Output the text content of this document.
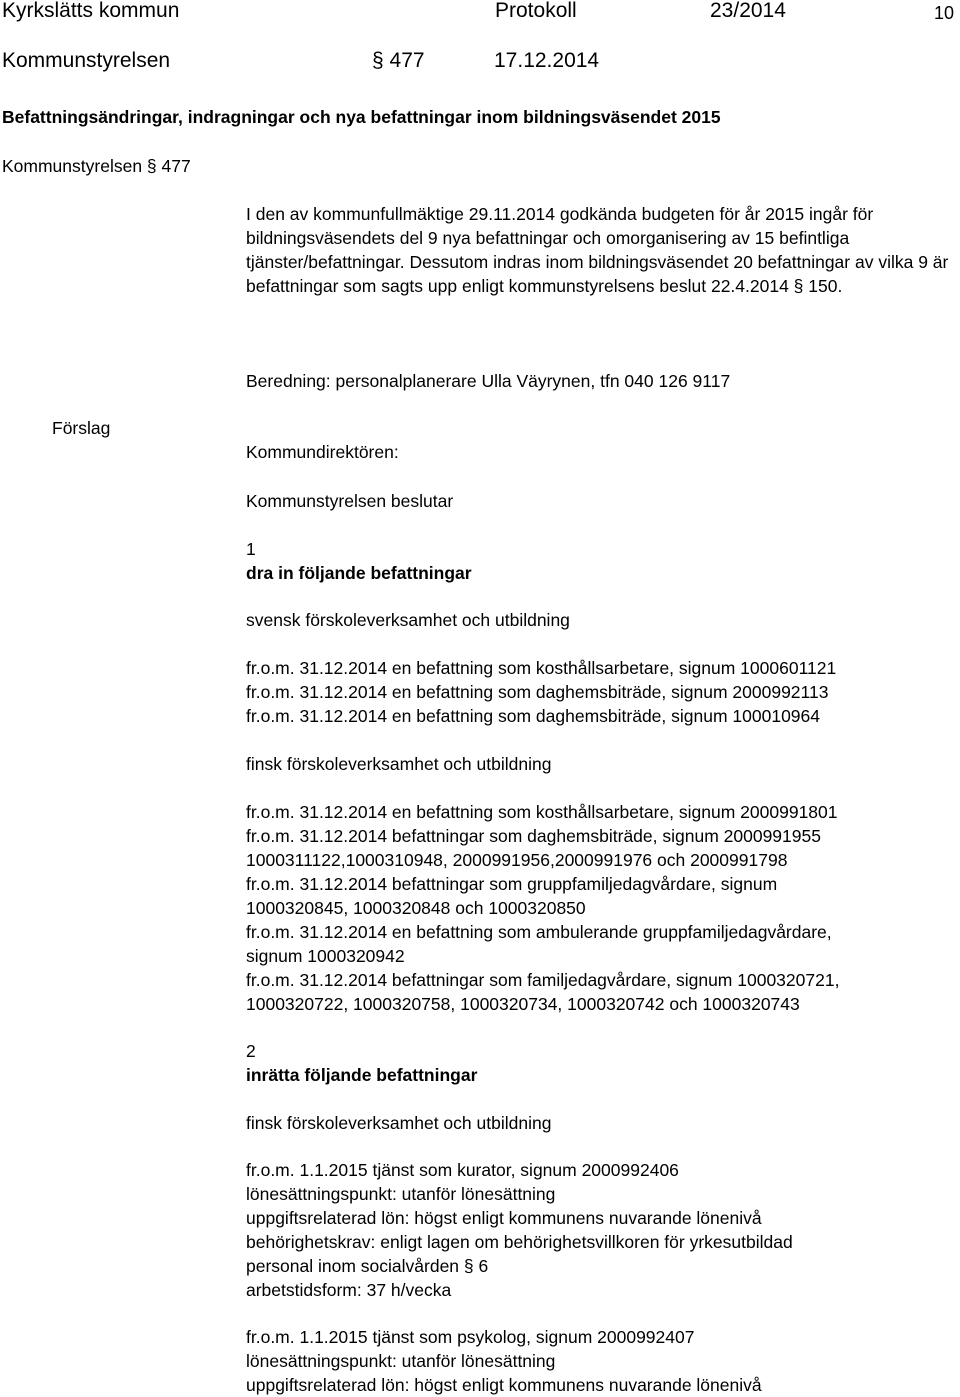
Kyrkslätts kommun	Protokoll	23/2014	10
Kommunstyrelsen	§ 477	17.12.2014
Befattningsändringar, indragningar och nya befattningar inom bildningsväsendet 2015
Kommunstyrelsen § 477

I den av kommunfullmäktige 29.11.2014 godkända budgeten för år 2015 ingår för bildningsväsendets del 9 nya befattningar och omorganisering av 15 befintliga tjänster/befattningar. Dessutom indras inom bildningsväsendet 20 befattningar av vilka 9 är befattningar som sagts upp enligt kommunstyrelsens beslut 22.4.2014 § 150.

Beredning: personalplanerare Ulla Väyrynen, tfn 040 126 9117

Förslag

Kommundirektören:

Kommunstyrelsen beslutar

1
dra in följande befattningar
svensk förskoleverksamhet och utbildning
fr.o.m. 31.12.2014 en befattning som kosthållsarbetare, signum 1000601121
fr.o.m. 31.12.2014 en befattning som daghemsbiträde, signum 2000992113
fr.o.m. 31.12.2014 en befattning som daghemsbiträde, signum 100010964
finsk förskoleverksamhet och utbildning
fr.o.m. 31.12.2014 en befattning som kosthållsarbetare, signum 2000991801
fr.o.m. 31.12.2014 befattningar som daghemsbiträde, signum 2000991955
1000311122,1000310948, 2000991956,2000991976 och 2000991798
fr.o.m. 31.12.2014 befattningar som gruppfamiljedagvårdare, signum
1000320845, 1000320848 och 1000320850
fr.o.m. 31.12.2014 en befattning som ambulerande gruppfamiljedagvårdare,
signum 1000320942
fr.o.m. 31.12.2014 befattningar som familjedagvårdare, signum 1000320721,
1000320722, 1000320758, 1000320734, 1000320742 och 1000320743
2
inrätta följande befattningar
finsk förskoleverksamhet och utbildning
fr.o.m. 1.1.2015 tjänst som kurator, signum 2000992406
lönesättningspunkt: utanför lönesättning
uppgiftsrelaterad lön: högst enligt kommunens nuvarande lönenivå
behörighetskrav: enligt lagen om behörighetsvillkoren för yrkesutbildad
personal inom socialvården § 6
arbetstidsform: 37 h/vecka
fr.o.m. 1.1.2015 tjänst som psykolog, signum 2000992407
lönesättningspunkt: utanför lönesättning
uppgiftsrelaterad lön: högst enligt kommunens nuvarande lönenivå
